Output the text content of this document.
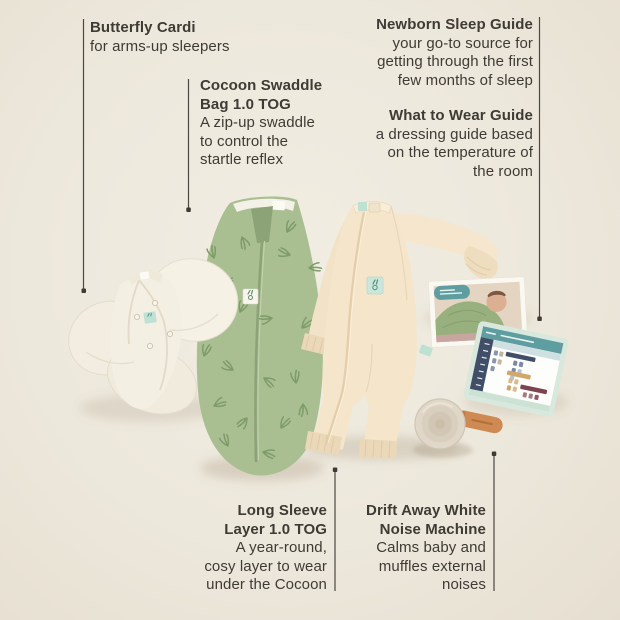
Butterfly Cardi
for arms-up sleepers
Cocoon Swaddle
Bag 1.0 TOG
A zip-up swaddle
to control the
startle reflex
Newborn Sleep Guide
your go-to source for
getting through the first
few months of sleep
What to Wear Guide
a dressing guide based
on the temperature of
the room
Long Sleeve
Layer 1.0 TOG
A year-round,
cosy layer to wear
under the Cocoon
Drift Away White
Noise Machine
Calms baby and
muffles external
noises
